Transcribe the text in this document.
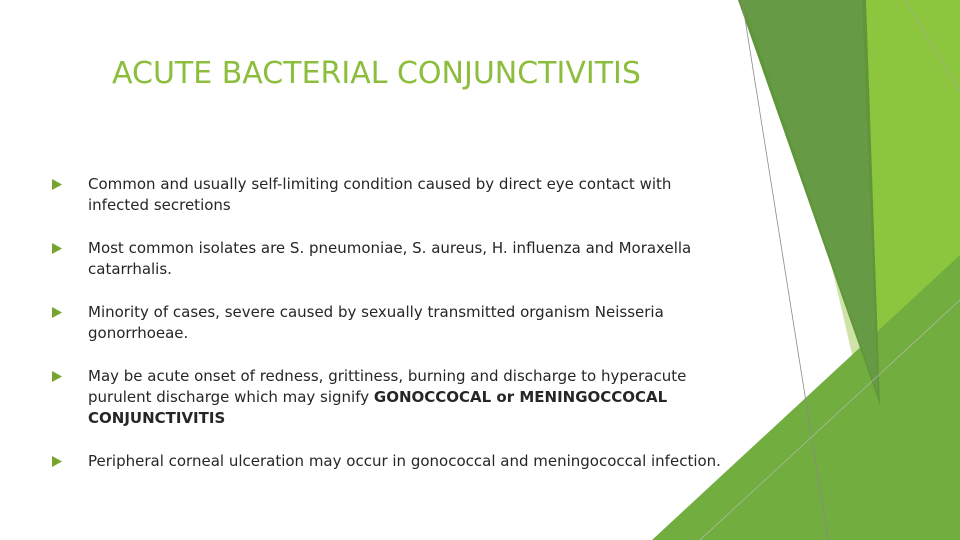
ACUTE BACTERIAL CONJUNCTIVITIS
Common and usually self-limiting condition caused by direct eye contact with infected secretions
Most common isolates are S. pneumoniae, S. aureus, H. influenza and Moraxella catarrhalis.
Minority of cases, severe caused by sexually transmitted organism Neisseria gonorrhoeae.
May be acute onset of redness, grittiness, burning and discharge to hyperacute purulent discharge which may signify GONOCCOCAL or MENINGOCCOCAL CONJUNCTIVITIS
Peripheral corneal ulceration may occur in gonococcal and meningococcal infection.
